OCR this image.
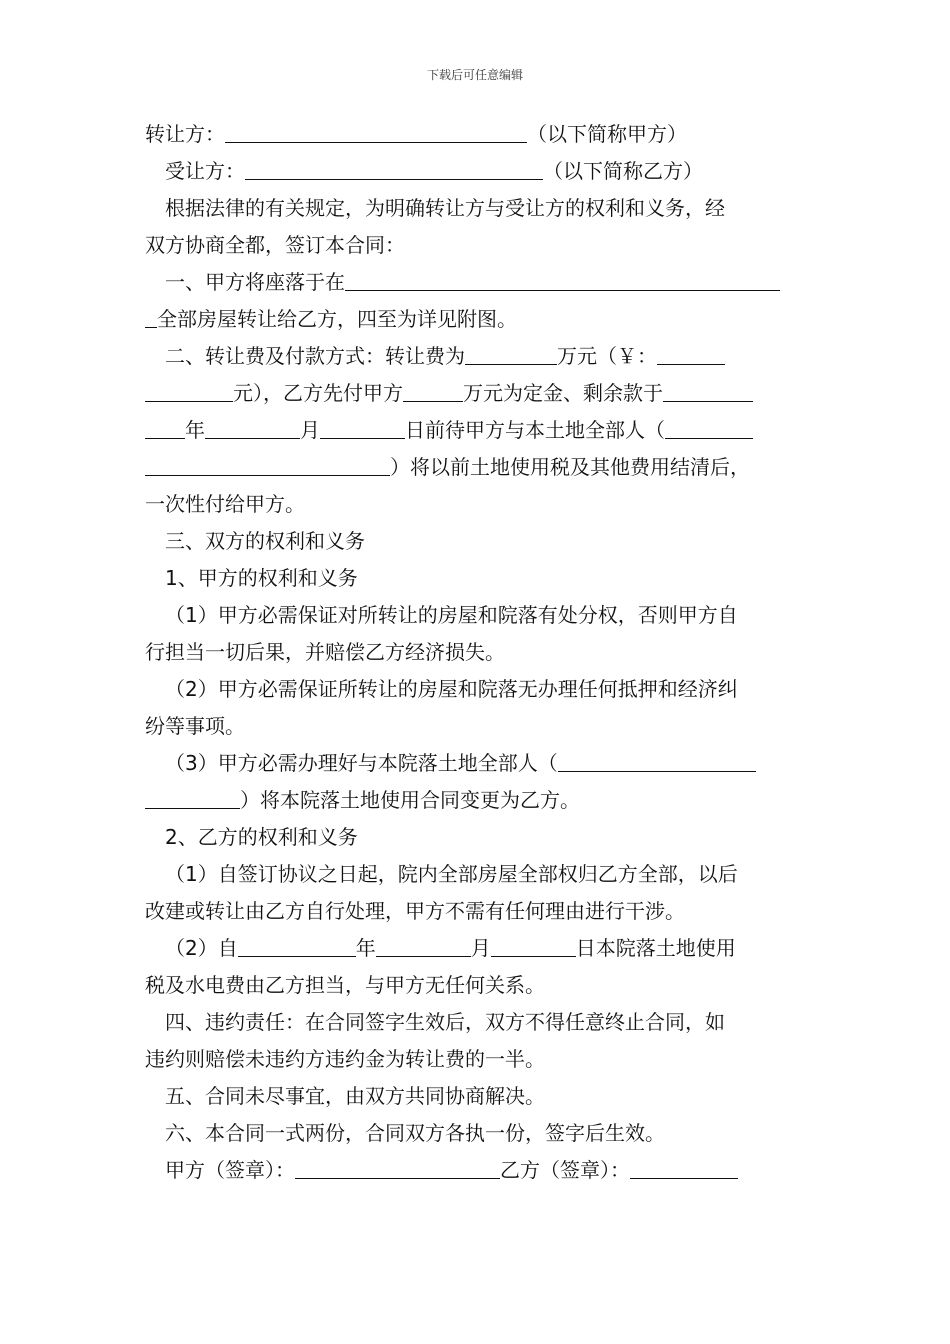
下载后可任意编辑
转让方：	（以下简称甲方）
受让方：	（以下简称乙方）
根据法律的有关规定，为明确转让方与受让方的权利和义务，经
双方协商全都，签订本合同：
一、甲方将座落于在
全部房屋转让给乙方，四至为详见附图。
二、转让费及付款方式：转让费为	万元（￥：
元），乙方先付甲方	万元为定金、剩余款于
年	月	日前待甲方与本土地全部人（
）将以前土地使用税及其他费用结清后，
一次性付给甲方。
三、双方的权利和义务
1、甲方的权利和义务
（1）甲方必需保证对所转让的房屋和院落有处分权，否则甲方自
行担当一切后果，并赔偿乙方经济损失。
（2）甲方必需保证所转让的房屋和院落无办理任何抵押和经济纠
纷等事项。
（3）甲方必需办理好与本院落土地全部人（
）将本院落土地使用合同变更为乙方。
2、乙方的权利和义务
（1）自签订协议之日起，院内全部房屋全部权归乙方全部，以后
改建或转让由乙方自行处理，甲方不需有任何理由进行干涉。
（2）自	年	月	日本院落土地使用
税及水电费由乙方担当，与甲方无任何关系。
四、违约责任：在合同签字生效后，双方不得任意终止合同，如
违约则赔偿未违约方违约金为转让费的一半。
五、合同未尽事宜，由双方共同协商解决。
六、本合同一式两份，合同双方各执一份，签字后生效。
甲方（签章）：	乙方（签章）：
